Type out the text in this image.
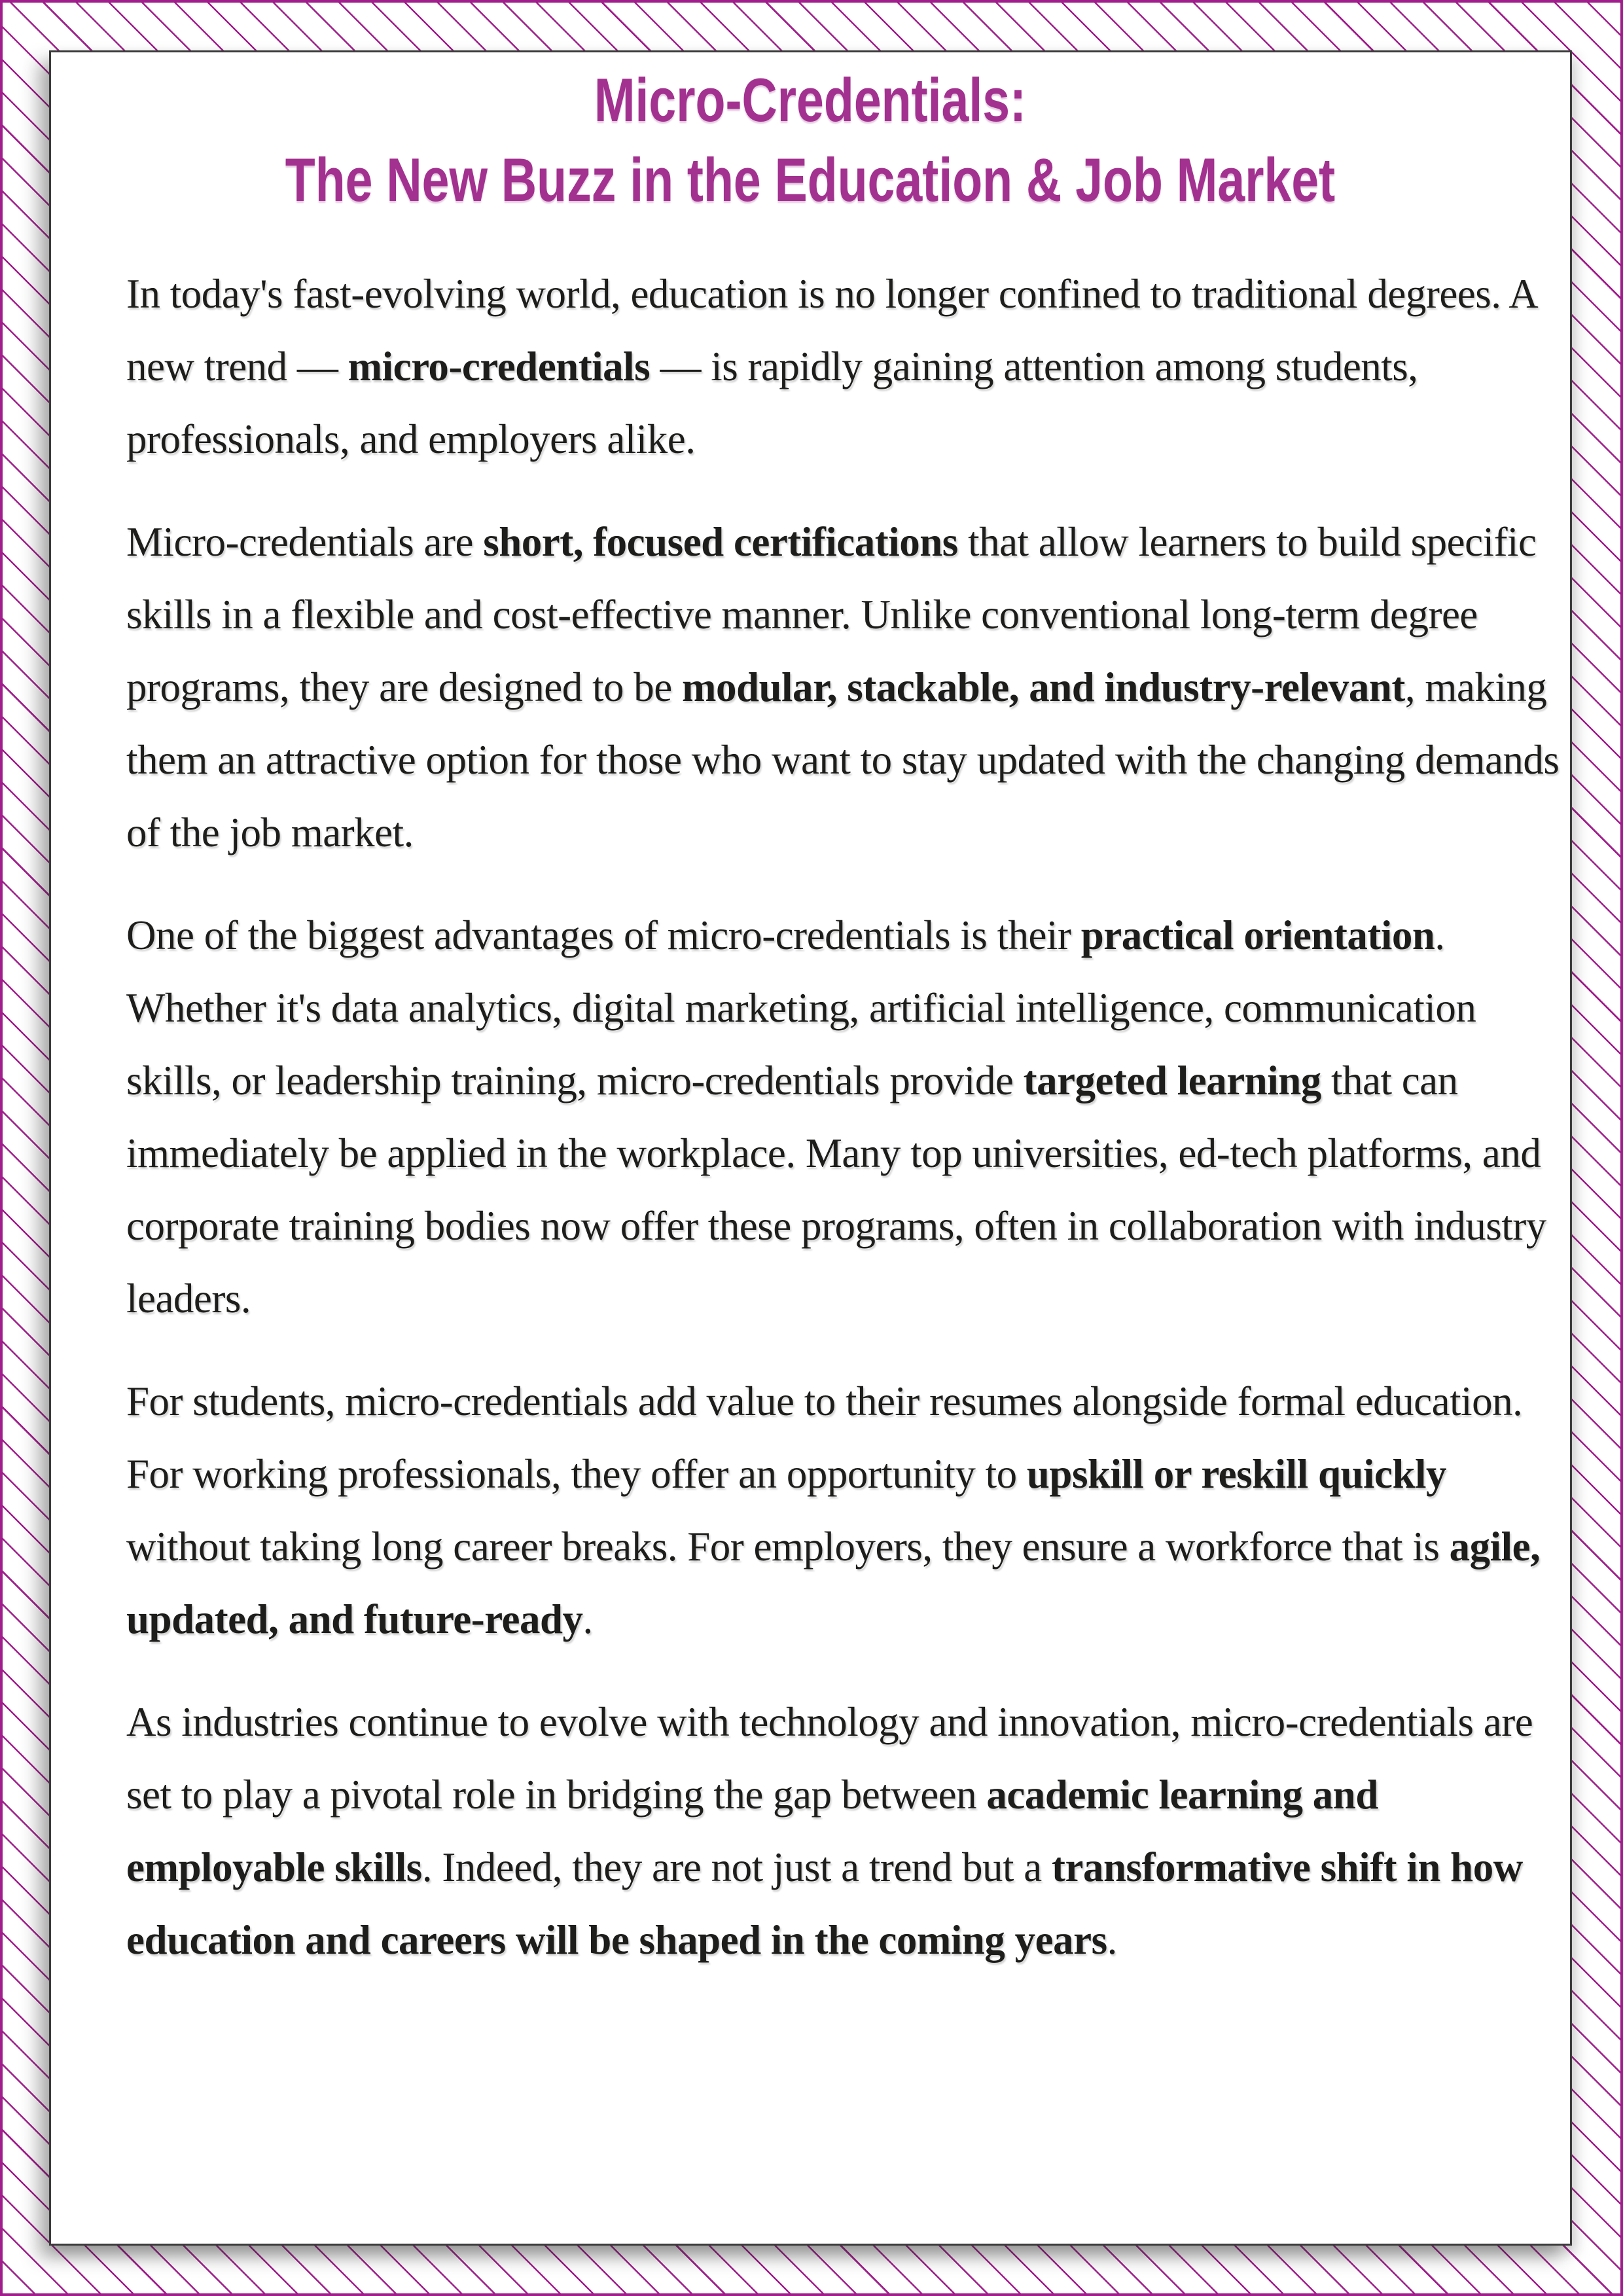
Micro-Credentials:
The New Buzz in the Education & Job Market

In today's fast-evolving world, education is no longer confined to traditional degrees. A new trend — micro-credentials — is rapidly gaining attention among students, professionals, and employers alike.

Micro-credentials are short, focused certifications that allow learners to build specific skills in a flexible and cost-effective manner. Unlike conventional long-term degree programs, they are designed to be modular, stackable, and industry-relevant, making them an attractive option for those who want to stay updated with the changing demands of the job market.

One of the biggest advantages of micro-credentials is their practical orientation. Whether it's data analytics, digital marketing, artificial intelligence, communication skills, or leadership training, micro-credentials provide targeted learning that can immediately be applied in the workplace. Many top universities, ed-tech platforms, and corporate training bodies now offer these programs, often in collaboration with industry leaders.

For students, micro-credentials add value to their resumes alongside formal education. For working professionals, they offer an opportunity to upskill or reskill quickly without taking long career breaks. For employers, they ensure a workforce that is agile, updated, and future-ready.

As industries continue to evolve with technology and innovation, micro-credentials are set to play a pivotal role in bridging the gap between academic learning and employable skills. Indeed, they are not just a trend but a transformative shift in how education and careers will be shaped in the coming years.
